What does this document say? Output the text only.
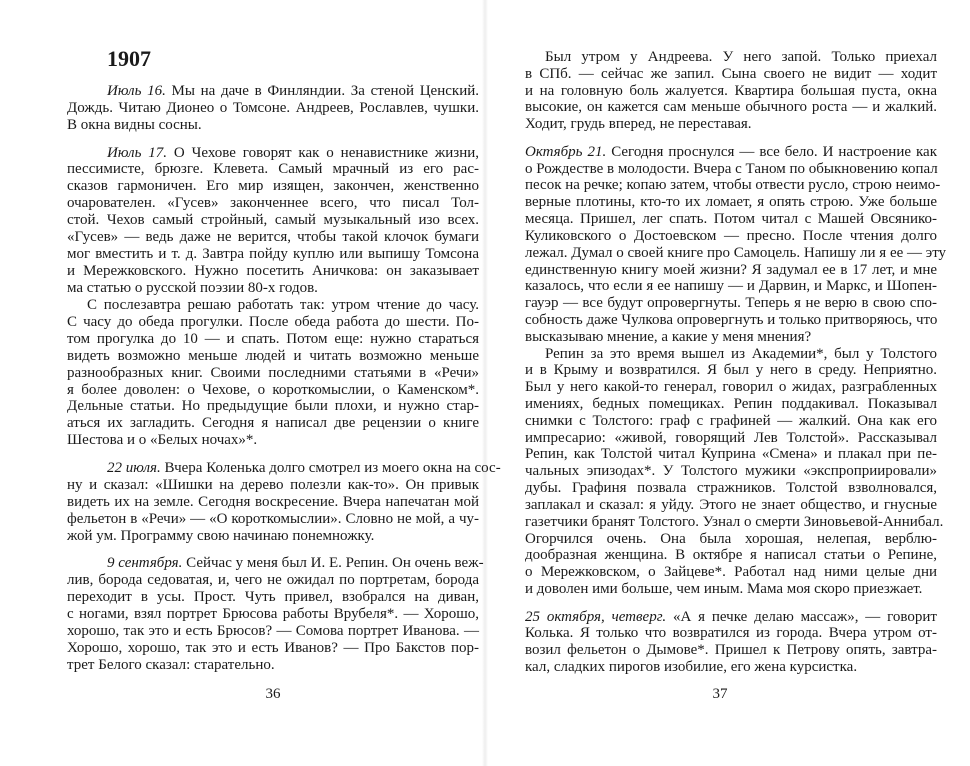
1907
Июль 16. Мы на даче в Финляндии. За стеной Ценский.
Дождь. Читаю Дионео о Томсоне. Андреев, Рославлев, чушки.
В окна видны сосны.
Июль 17. О Чехове говорят как о ненавистнике жизни,
пессимисте, брюзге. Клевета. Самый мрачный из его рас-
сказов гармоничен. Его мир изящен, закончен, женственно
очарователен. «Гусев» законченнее всего, что писал Тол-
стой. Чехов самый стройный, самый музыкальный изо всех.
«Гусев» — ведь даже не верится, чтобы такой клочок бумаги
мог вместить и т. д. Завтра пойду куплю или выпишу Томсона
и Мережковского. Нужно посетить Аничкова: он заказывает
ма статью о русской поэзии 80-х годов.
С послезавтра решаю работать так: утром чтение до часу.
С часу до обеда прогулки. После обеда работа до шести. По-
том прогулка до 10 — и спать. Потом еще: нужно стараться
видеть возможно меньше людей и читать возможно меньше
разнообразных книг. Своими последними статьями в «Речи»
я более доволен: о Чехове, о короткомыслии, о Каменском*.
Дельные статьи. Но предыдущие были плохи, и нужно стар-
аться их загладить. Сегодня я написал две рецензии о книге
Шестова и о «Белых ночах»*.
22 июля. Вчера Коленька долго смотрел из моего окна на сос-
ну и сказал: «Шишки на дерево полезли как-то». Он привык
видеть их на земле. Сегодня воскресение. Вчера напечатан мой
фельетон в «Речи» — «О короткомыслии». Словно не мой, а чу-
жой ум. Программу свою начинаю понемножку.
9 сентября. Сейчас у меня был И. Е. Репин. Он очень веж-
лив, борода седоватая, и, чего не ожидал по портретам, борода
переходит в усы. Прост. Чуть привел, взобрался на диван,
с ногами, взял портрет Брюсова работы Врубеля*. — Хорошо,
хорошо, так это и есть Брюсов? — Сомова портрет Иванова. —
Хорошо, хорошо, так это и есть Иванов? — Про Бакстов пор-
трет Белого сказал: старательно.
36
Был утром у Андреева. У него запой. Только приехал
в СПб. — сейчас же запил. Сына своего не видит — ходит
и на головную боль жалуется. Квартира большая пуста, окна
высокие, он кажется сам меньше обычного роста — и жалкий.
Ходит, грудь вперед, не переставая.
Октябрь 21. Сегодня проснулся — все бело. И настроение как
о Рождестве в молодости. Вчера с Таном по обыкновению копал
песок на речке; копаю затем, чтобы отвести русло, строю неимо-
верные плотины, кто-то их ломает, я опять строю. Уже больше
месяца. Пришел, лег спать. Потом читал с Машей Овсянико-
Куликовского о Достоевском — пресно. После чтения долго
лежал. Думал о своей книге про Самоцель. Напишу ли я ее — эту
единственную книгу моей жизни? Я задумал ее в 17 лет, и мне
казалось, что если я ее напишу — и Дарвин, и Маркс, и Шопен-
гауэр — все будут опровергнуты. Теперь я не верю в свою спо-
собность даже Чулкова опровергнуть и только притворяюсь, что
высказываю мнение, а какие у меня мнения?
Репин за это время вышел из Академии*, был у Толстого
и в Крыму и возвратился. Я был у него в среду. Неприятно.
Был у него какой-то генерал, говорил о жидах, разграбленных
имениях, бедных помещиках. Репин поддакивал. Показывал
снимки с Толстого: граф с графиней — жалкий. Она как его
импресарио: «живой, говорящий Лев Толстой». Рассказывал
Репин, как Толстой читал Куприна «Смена» и плакал при пе-
чальных эпизодах*. У Толстого мужики «экспроприировали»
дубы. Графиня позвала стражников. Толстой взволновался,
заплакал и сказал: я уйду. Этого не знает общество, и гнусные
газетчики бранят Толстого. Узнал о смерти Зиновьевой-Аннибал.
Огорчился очень. Она была хорошая, нелепая, верблю-
дообразная женщина. В октябре я написал статьи о Репине,
о Мережковском, о Зайцеве*. Работал над ними целые дни
и доволен ими больше, чем иным. Мама моя скоро приезжает.
25 октября, четверг. «А я печке делаю массаж», — говорит
Колька. Я только что возвратился из города. Вчера утром от-
возил фельетон о Дымове*. Пришел к Петрову опять, завтра-
кал, сладких пирогов изобилие, его жена курсистка.
37
